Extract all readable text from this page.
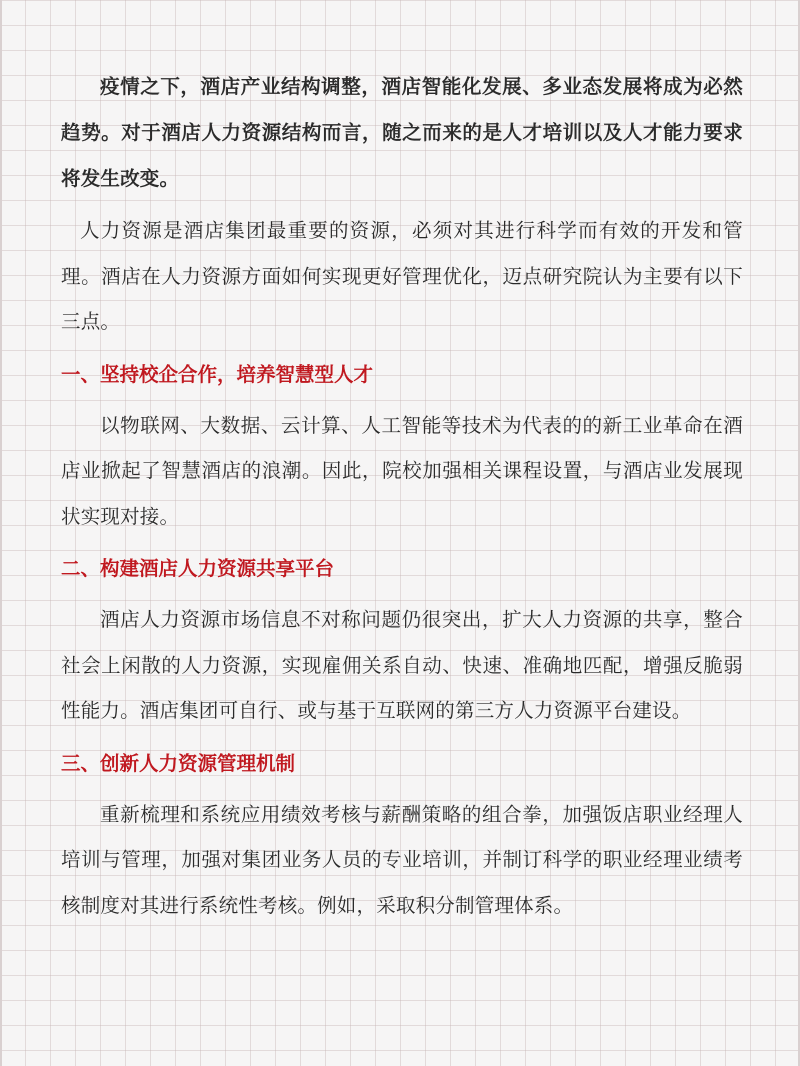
疫情之下，酒店产业结构调整，酒店智能化发展、多业态发展将成为必然趋势。对于酒店人力资源结构而言，随之而来的是人才培训以及人才能力要求将发生改变。

人力资源是酒店集团最重要的资源，必须对其进行科学而有效的开发和管理。酒店在人力资源方面如何实现更好管理优化，迈点研究院认为主要有以下三点。

一、坚持校企合作，培养智慧型人才

以物联网、大数据、云计算、人工智能等技术为代表的的新工业革命在酒店业掀起了智慧酒店的浪潮。因此，院校加强相关课程设置，与酒店业发展现状实现对接。

二、构建酒店人力资源共享平台

酒店人力资源市场信息不对称问题仍很突出，扩大人力资源的共享，整合社会上闲散的人力资源，实现雇佣关系自动、快速、准确地匹配，增强反脆弱性能力。酒店集团可自行、或与基于互联网的第三方人力资源平台建设。

三、创新人力资源管理机制

重新梳理和系统应用绩效考核与薪酬策略的组合拳，加强饭店职业经理人培训与管理，加强对集团业务人员的专业培训，并制订科学的职业经理业绩考核制度对其进行系统性考核。例如，采取积分制管理体系。
